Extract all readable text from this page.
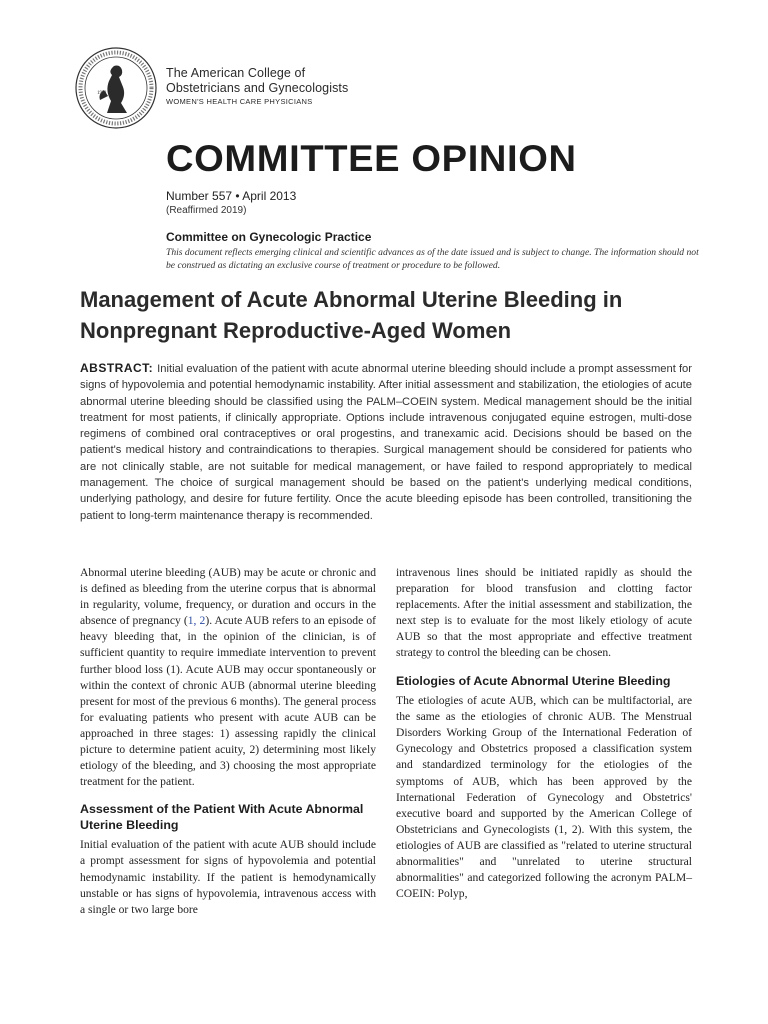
1951
The American College of
Obstetricians and Gynecologists
WOMEN'S HEALTH CARE PHYSICIANS
COMMITTEE OPINION
Number 557 • April 2013
(Reaffirmed 2019)
Committee on Gynecologic Practice
This document reflects emerging clinical and scientific advances as of the date issued and is subject to change. The information should not be construed as dictating an exclusive course of treatment or procedure to be followed.
Management of Acute Abnormal Uterine Bleeding in Nonpregnant Reproductive-Aged Women

ABSTRACT: Initial evaluation of the patient with acute abnormal uterine bleeding should include a prompt assessment for signs of hypovolemia and potential hemodynamic instability. After initial assessment and stabilization, the etiologies of acute abnormal uterine bleeding should be classified using the PALM–COEIN system. Medical management should be the initial treatment for most patients, if clinically appropriate. Options include intravenous conjugated equine estrogen, multi-dose regimens of combined oral contraceptives or oral progestins, and tranexamic acid. Decisions should be based on the patient's medical history and contraindications to therapies. Surgical management should be considered for patients who are not clinically stable, are not suitable for medical management, or have failed to respond appropriately to medical management. The choice of surgical management should be based on the patient's underlying medical conditions, underlying pathology, and desire for future fertility. Once the acute bleeding episode has been controlled, transitioning the patient to long-term maintenance therapy is recommended.

Abnormal uterine bleeding (AUB) may be acute or chronic and is defined as bleeding from the uterine corpus that is abnormal in regularity, volume, frequency, or duration and occurs in the absence of pregnancy (1, 2). Acute AUB refers to an episode of heavy bleeding that, in the opinion of the clinician, is of sufficient quantity to require immediate intervention to prevent further blood loss (1). Acute AUB may occur spontaneously or within the context of chronic AUB (abnormal uterine bleeding present for most of the previous 6 months). The general process for evaluating patients who present with acute AUB can be approached in three stages: 1) assessing rapidly the clinical picture to determine patient acuity, 2) determining most likely etiology of the bleeding, and 3) choosing the most appropriate treatment for the patient.

Assessment of the Patient With Acute Abnormal Uterine Bleeding

Initial evaluation of the patient with acute AUB should include a prompt assessment for signs of hypovolemia and potential hemodynamic instability. If the patient is hemodynamically unstable or has signs of hypovolemia, intravenous access with a single or two large bore

intravenous lines should be initiated rapidly as should the preparation for blood transfusion and clotting factor replacements. After the initial assessment and stabilization, the next step is to evaluate for the most likely etiology of acute AUB so that the most appropriate and effective treatment strategy to control the bleeding can be chosen.

Etiologies of Acute Abnormal Uterine Bleeding

The etiologies of acute AUB, which can be multifactorial, are the same as the etiologies of chronic AUB. The Menstrual Disorders Working Group of the International Federation of Gynecology and Obstetrics proposed a classification system and standardized terminology for the etiologies of the symptoms of AUB, which has been approved by the International Federation of Gynecology and Obstetrics' executive board and supported by the American College of Obstetricians and Gynecologists (1, 2). With this system, the etiologies of AUB are classified as "related to uterine structural abnormalities" and "unrelated to uterine structural abnormalities" and categorized following the acronym PALM–COEIN: Polyp,
